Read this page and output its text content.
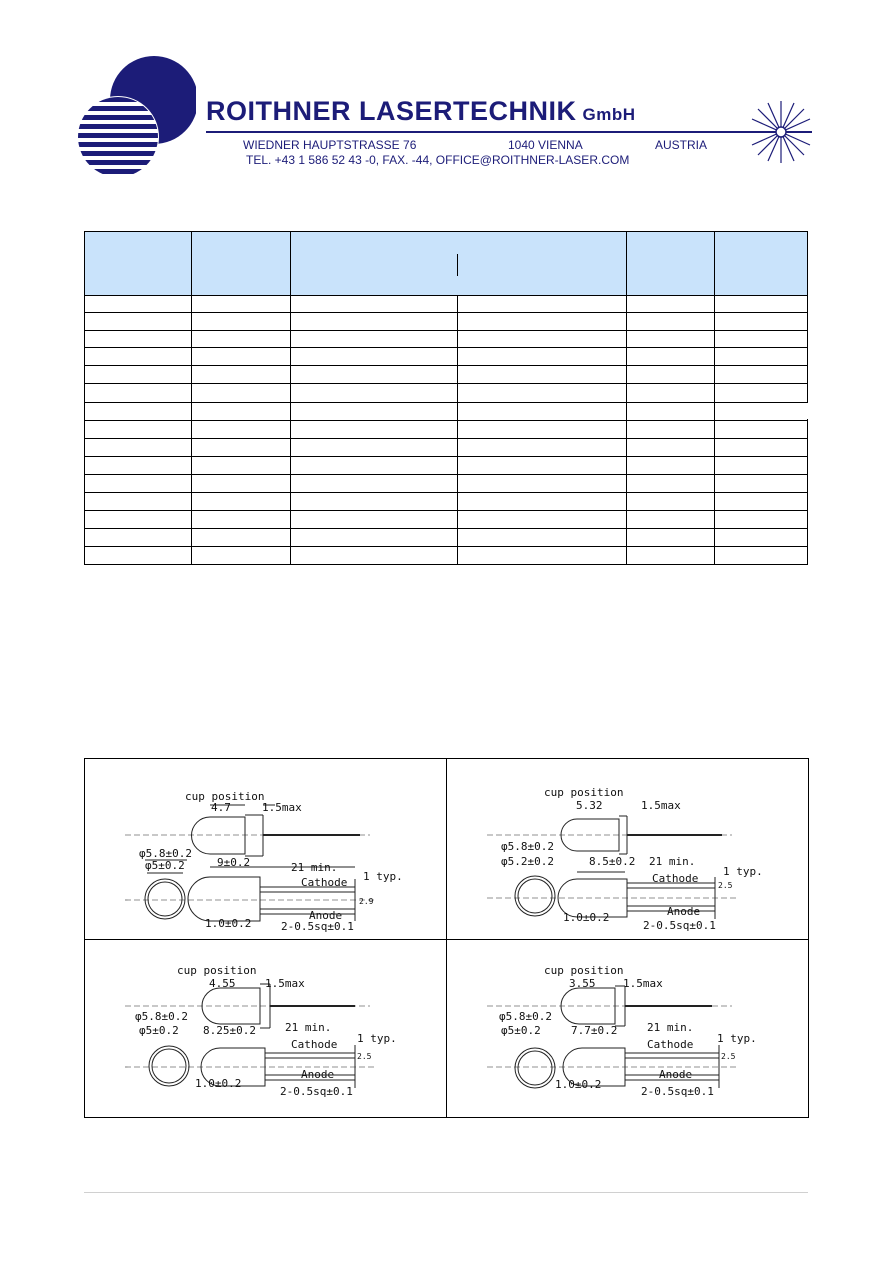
ROITHNER LASERTECHNIK GmbH
WIEDNER HAUPTSTRASSE 76	1040 VIENNA	AUSTRIA
TEL. +43 1 586 52 43 -0, FAX. -44, OFFICE@ROITHNER-LASER.COM
cup position
4.7	1.5max
φ5.8±0.2
φ5±0.2	9±0.2	21 min.
Cathode 1 typ.
Anode
1.0±0.2	2-0.5sq±0.1
2.9
cup position
5.32	1.5max
φ5.8±0.2
φ5.2±0.2	8.5±0.2 21 min.
Cathode
1 typ.
Anode
1.0±0.2
2-0.5sq±0.1
2.5
cup position
4.55	1.5max
φ5.8±0.2
φ5±0.2 8.25±0.2	21 min.
Cathode 1 typ.
Anode
1.0±0.2
2-0.5sq±0.1
2.5
cup position
3.55	1.5max
φ5.8±0.2
φ5±0.2	7.7±0.2	21 min.
Cathode 1 typ.
Anode
1.0±0.2
2-0.5sq±0.1
2.5
